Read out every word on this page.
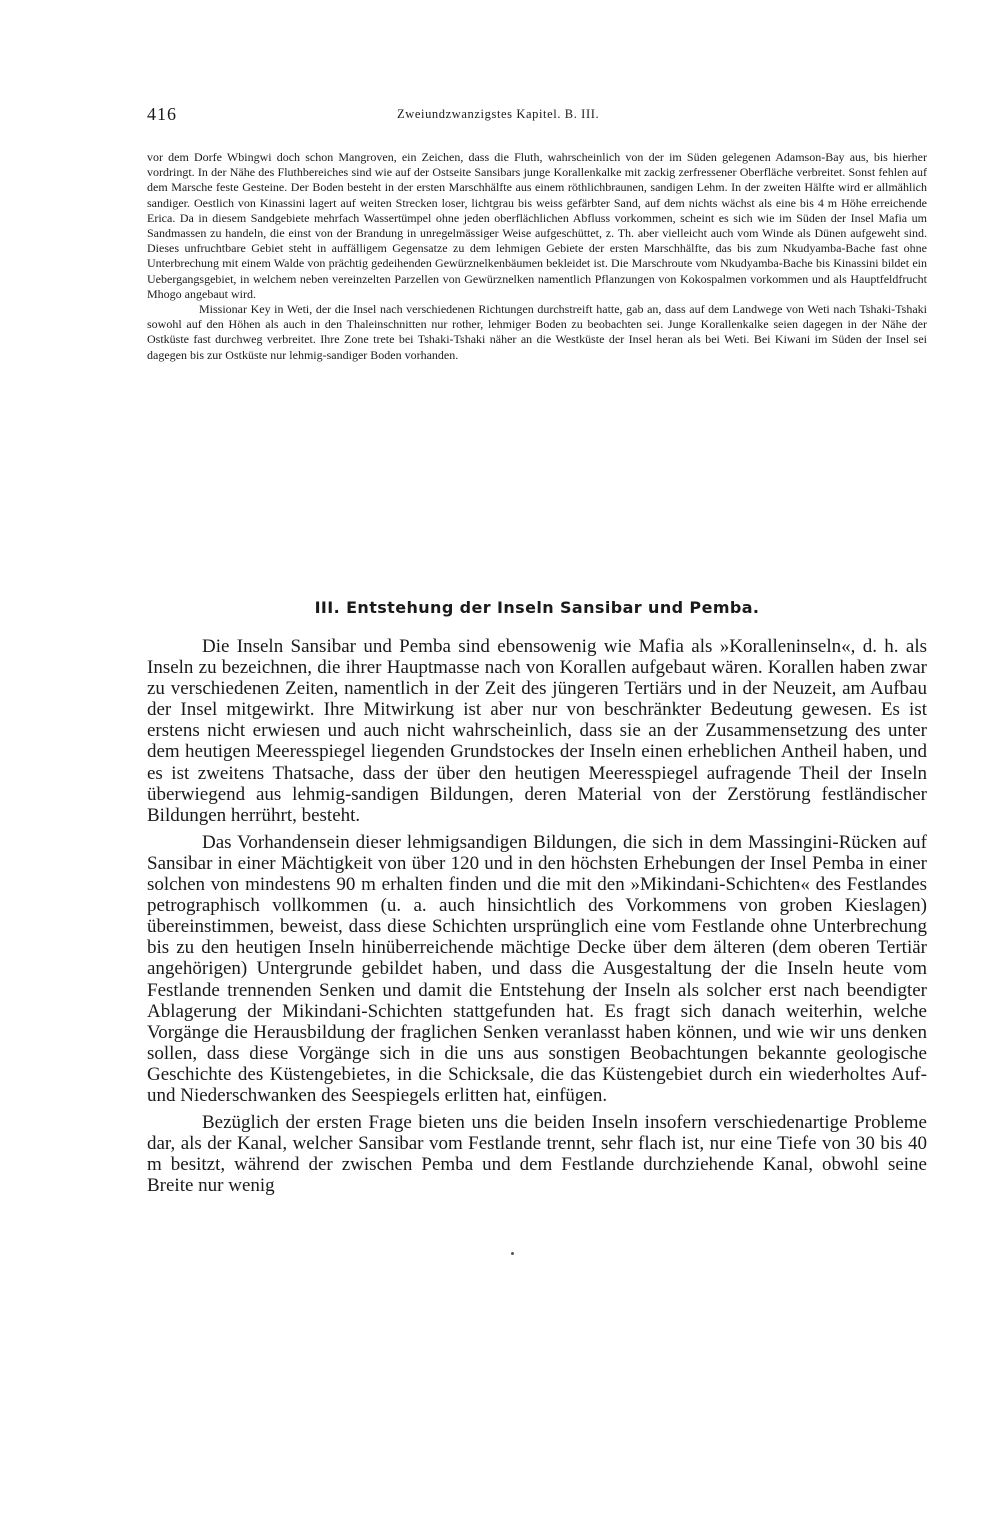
416	Zweiundzwanzigstes Kapitel. B. III.

vor dem Dorfe Wbingwi doch schon Mangroven, ein Zeichen, dass die Fluth, wahrscheinlich von der im Süden gelegenen Adamson-Bay aus, bis hierher vordringt. In der Nähe des Fluthbereiches sind wie auf der Ostseite Sansibars junge Korallenkalke mit zackig zerfressener Oberfläche verbreitet. Sonst fehlen auf dem Marsche feste Gesteine. Der Boden besteht in der ersten Marschhälfte aus einem röthlichbraunen, sandigen Lehm. In der zweiten Hälfte wird er allmählich sandiger. Oestlich von Kinassini lagert auf weiten Strecken loser, lichtgrau bis weiss gefärbter Sand, auf dem nichts wächst als eine bis 4 m Höhe erreichende Erica. Da in diesem Sandgebiete mehrfach Wassertümpel ohne jeden oberflächlichen Abfluss vorkommen, scheint es sich wie im Süden der Insel Mafia um Sandmassen zu handeln, die einst von der Brandung in unregelmässiger Weise aufgeschüttet, z. Th. aber vielleicht auch vom Winde als Dünen aufgeweht sind. Dieses unfruchtbare Gebiet steht in auffälligem Gegensatze zu dem lehmigen Gebiete der ersten Marschhälfte, das bis zum Nkudyamba-Bache fast ohne Unterbrechung mit einem Walde von prächtig gedeihenden Gewürznelkenbäumen bekleidet ist. Die Marschroute vom Nkudyamba-Bache bis Kinassini bildet ein Uebergangsgebiet, in welchem neben vereinzelten Parzellen von Gewürznelken namentlich Pflanzungen von Kokospalmen vorkommen und als Hauptfeldfrucht Mhogo angebaut wird.

Missionar Key in Weti, der die Insel nach verschiedenen Richtungen durchstreift hatte, gab an, dass auf dem Landwege von Weti nach Tshaki-Tshaki sowohl auf den Höhen als auch in den Thaleinschnitten nur rother, lehmiger Boden zu beobachten sei. Junge Korallenkalke seien dagegen in der Nähe der Ostküste fast durchweg verbreitet. Ihre Zone trete bei Tshaki-Tshaki näher an die Westküste der Insel heran als bei Weti. Bei Kiwani im Süden der Insel sei dagegen bis zur Ostküste nur lehmig-sandiger Boden vorhanden.

III. Entstehung der Inseln Sansibar und Pemba.

Die Inseln Sansibar und Pemba sind ebensowenig wie Mafia als »Koralleninseln«, d. h. als Inseln zu bezeichnen, die ihrer Hauptmasse nach von Korallen aufgebaut wären. Korallen haben zwar zu verschiedenen Zeiten, namentlich in der Zeit des jüngeren Tertiärs und in der Neuzeit, am Aufbau der Insel mitgewirkt. Ihre Mitwirkung ist aber nur von beschränkter Bedeutung gewesen. Es ist erstens nicht erwiesen und auch nicht wahrscheinlich, dass sie an der Zusammensetzung des unter dem heutigen Meeresspiegel liegenden Grundstockes der Inseln einen erheblichen Antheil haben, und es ist zweitens Thatsache, dass der über den heutigen Meeresspiegel aufragende Theil der Inseln überwiegend aus lehmig-sandigen Bildungen, deren Material von der Zerstörung festländischer Bildungen herrührt, besteht.

Das Vorhandensein dieser lehmigsandigen Bildungen, die sich in dem Massingini-Rücken auf Sansibar in einer Mächtigkeit von über 120 und in den höchsten Erhebungen der Insel Pemba in einer solchen von mindestens 90 m erhalten finden und die mit den »Mikindani-Schichten« des Festlandes petrographisch vollkommen (u. a. auch hinsichtlich des Vorkommens von groben Kieslagen) übereinstimmen, beweist, dass diese Schichten ursprünglich eine vom Festlande ohne Unterbrechung bis zu den heutigen Inseln hinüberreichende mächtige Decke über dem älteren (dem oberen Tertiär angehörigen) Untergrunde gebildet haben, und dass die Ausgestaltung der die Inseln heute vom Festlande trennenden Senken und damit die Entstehung der Inseln als solcher erst nach beendigter Ablagerung der Mikindani-Schichten stattgefunden hat. Es fragt sich danach weiterhin, welche Vorgänge die Herausbildung der fraglichen Senken veranlasst haben können, und wie wir uns denken sollen, dass diese Vorgänge sich in die uns aus sonstigen Beobachtungen bekannte geologische Geschichte des Küstengebietes, in die Schicksale, die das Küstengebiet durch ein wiederholtes Auf- und Niederschwanken des Seespiegels erlitten hat, einfügen.

Bezüglich der ersten Frage bieten uns die beiden Inseln insofern verschiedenartige Probleme dar, als der Kanal, welcher Sansibar vom Festlande trennt, sehr flach ist, nur eine Tiefe von 30 bis 40 m besitzt, während der zwischen Pemba und dem Festlande durchziehende Kanal, obwohl seine Breite nur wenig
